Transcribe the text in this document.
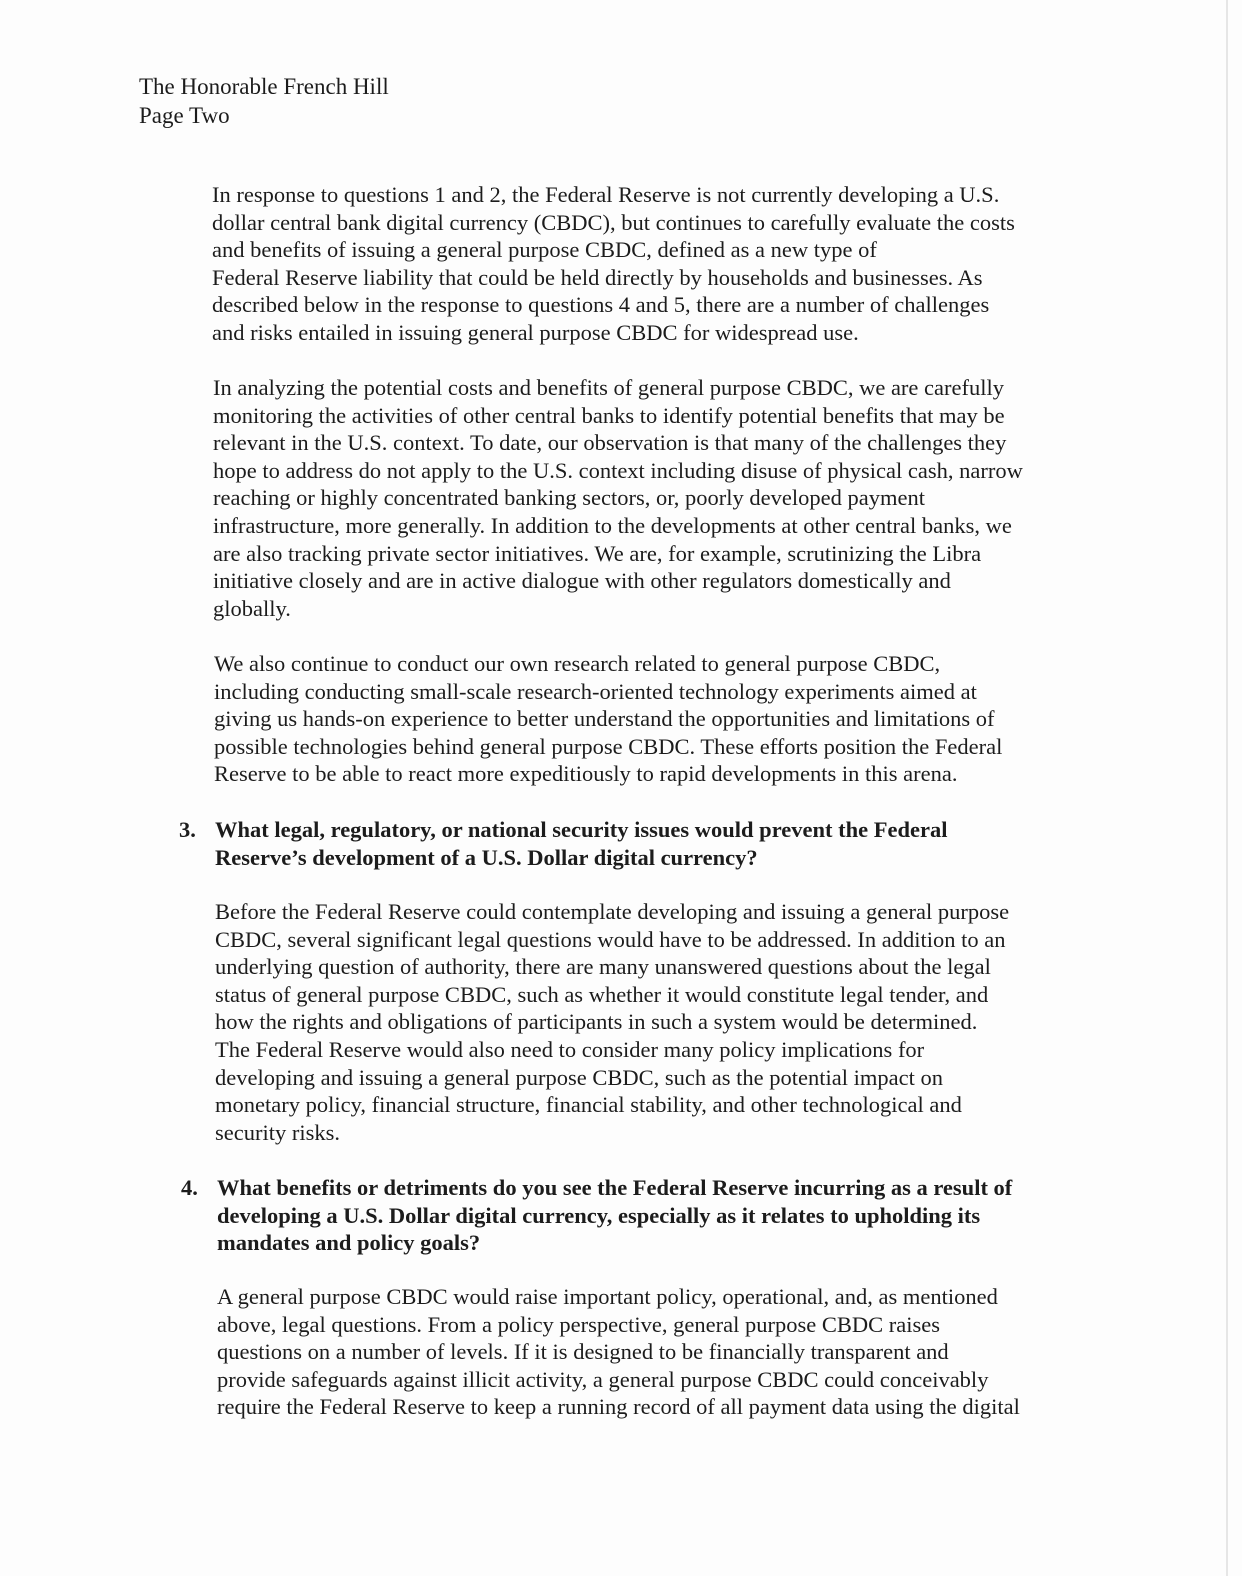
The Honorable French Hill
Page Two
In response to questions 1 and 2, the Federal Reserve is not currently developing a U.S.
dollar central bank digital currency (CBDC), but continues to carefully evaluate the costs
and benefits of issuing a general purpose CBDC, defined as a new type of
Federal Reserve liability that could be held directly by households and businesses. As
described below in the response to questions 4 and 5, there are a number of challenges
and risks entailed in issuing general purpose CBDC for widespread use.
In analyzing the potential costs and benefits of general purpose CBDC, we are carefully
monitoring the activities of other central banks to identify potential benefits that may be
relevant in the U.S. context. To date, our observation is that many of the challenges they
hope to address do not apply to the U.S. context including disuse of physical cash, narrow
reaching or highly concentrated banking sectors, or, poorly developed payment
infrastructure, more generally. In addition to the developments at other central banks, we
are also tracking private sector initiatives. We are, for example, scrutinizing the Libra
initiative closely and are in active dialogue with other regulators domestically and
globally.
We also continue to conduct our own research related to general purpose CBDC,
including conducting small-scale research-oriented technology experiments aimed at
giving us hands-on experience to better understand the opportunities and limitations of
possible technologies behind general purpose CBDC. These efforts position the Federal
Reserve to be able to react more expeditiously to rapid developments in this arena.
3. What legal, regulatory, or national security issues would prevent the Federal
Reserve’s development of a U.S. Dollar digital currency?
Before the Federal Reserve could contemplate developing and issuing a general purpose
CBDC, several significant legal questions would have to be addressed. In addition to an
underlying question of authority, there are many unanswered questions about the legal
status of general purpose CBDC, such as whether it would constitute legal tender, and
how the rights and obligations of participants in such a system would be determined.
The Federal Reserve would also need to consider many policy implications for
developing and issuing a general purpose CBDC, such as the potential impact on
monetary policy, financial structure, financial stability, and other technological and
security risks.
4. What benefits or detriments do you see the Federal Reserve incurring as a result of
developing a U.S. Dollar digital currency, especially as it relates to upholding its
mandates and policy goals?
A general purpose CBDC would raise important policy, operational, and, as mentioned
above, legal questions. From a policy perspective, general purpose CBDC raises
questions on a number of levels. If it is designed to be financially transparent and
provide safeguards against illicit activity, a general purpose CBDC could conceivably
require the Federal Reserve to keep a running record of all payment data using the digital
